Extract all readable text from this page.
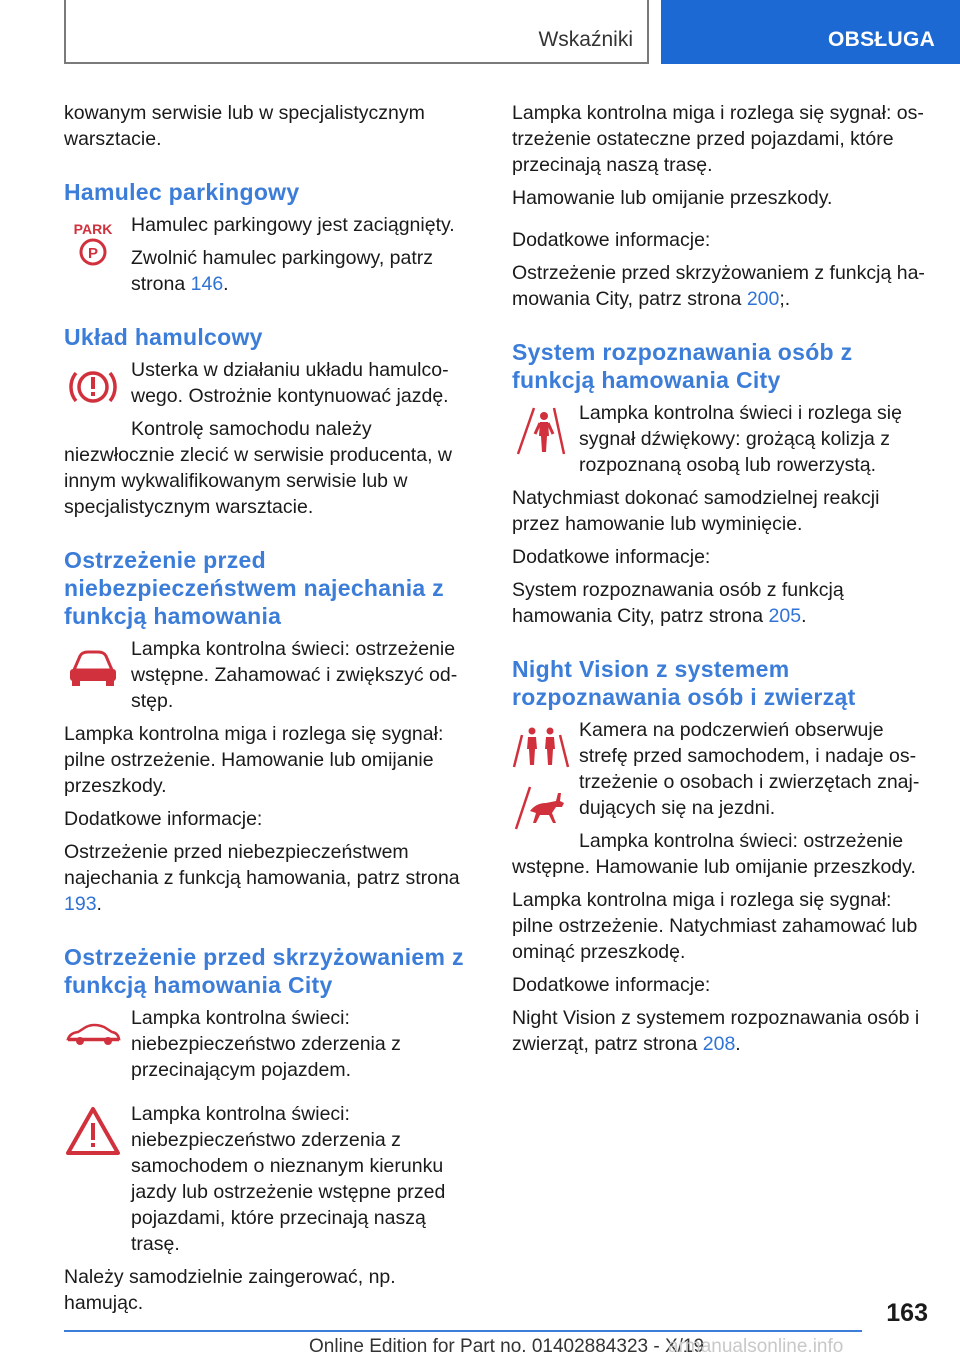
Wskaźniki	OBSŁUGA

kowanym serwisie lub w specjalistycznym warsztacie.

Hamulec parkingowy
PARK
P

Hamulec parkingowy jest zaciągnięty.

Zwolnić hamulec parkingowy, patrz strona 146.

Układ hamulcowy

Usterka w działaniu układu hamulcowego. Ostrożnie kontynuować jazdę.

Kontrolę samochodu należy niezwłocznie zlecić w serwisie producenta, w innym wykwalifikowanym serwisie lub w specjalistycznym warsztacie.

Ostrzeżenie przed niebezpieczeństwem najechania z funkcją hamowania

Lampka kontrolna świeci: ostrzeżenie wstępne. Zahamować i zwiększyć odstęp.

Lampka kontrolna miga i rozlega się sygnał: pilne ostrzeżenie. Hamowanie lub omijanie przeszkody.

Dodatkowe informacje:

Ostrzeżenie przed niebezpieczeństwem najechania z funkcją hamowania, patrz strona 193.

Ostrzeżenie przed skrzyżowaniem z funkcją hamowania City

Lampka kontrolna świeci: niebezpieczeństwo zderzenia z przecinającym pojazdem.

Lampka kontrolna świeci: niebezpieczeństwo zderzenia z samochodem o nieznanym kierunku jazdy lub ostrzeżenie wstępne przed pojazdami, które przecinają naszą trasę.

Należy samodzielnie zaingerować, np. hamując.

Lampka kontrolna miga i rozlega się sygnał: ostrzeżenie ostateczne przed pojazdami, które przecinają naszą trasę.

Hamowanie lub omijanie przeszkody.

Dodatkowe informacje:

Ostrzeżenie przed skrzyżowaniem z funkcją hamowania City, patrz strona 200;.

System rozpoznawania osób z funkcją hamowania City

Lampka kontrolna świeci i rozlega się sygnał dźwiękowy: grożącą kolizja z rozpoznaną osobą lub rowerzystą.

Natychmiast dokonać samodzielnej reakcji przez hamowanie lub wyminięcie.

Dodatkowe informacje:

System rozpoznawania osób z funkcją hamowania City, patrz strona 205.

Night Vision z systemem rozpoznawania osób i zwierząt

Kamera na podczerwień obserwuje strefę przed samochodem, i nadaje ostrzeżenie o osobach i zwierzętach znajdujących się na jezdni.

Lampka kontrolna świeci: ostrzeżenie wstępne. Hamowanie lub omijanie przeszkody.

Lampka kontrolna miga i rozlega się sygnał: pilne ostrzeżenie. Natychmiast zahamować lub ominąć przeszkodę.

Dodatkowe informacje:

Night Vision z systemem rozpoznawania osób i zwierząt, patrz strona 208.

163
Online Edition for Part no. 01402884323 - X/19
armanualsonline.info
